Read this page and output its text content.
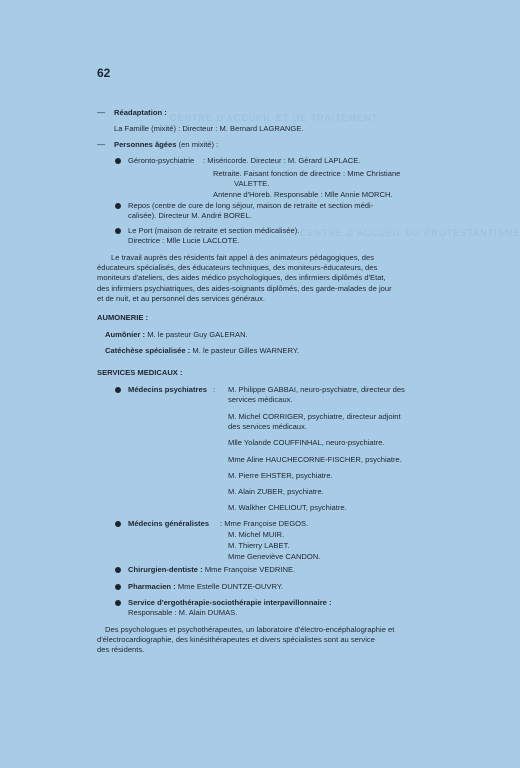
CENTRE D'ACCUEIL ET DE TRAITEMENT
CENTRE D'ACCUEIL DU PROTESTANTISME
62
— Réadaptation :
La Famille (mixité) : Directeur : M. Bernard LAGRANGE.
— Personnes âgées (en mixité) :
Géronto-psychiatrie : Miséricorde. Directeur : M. Gérard LAPLACE.
Retraite. Faisant fonction de directrice : Mme Christiane
VALETTE.
Antenne d'Horeb. Responsable : Mlle Annie MORCH.
Repos (centre de cure de long séjour, maison de retraite et section médi-
calisée). Directeur M. André BOREL.
Le Port (maison de retraite et section médicalisée).
Directrice : Mlle Lucie LACLOTE.
Le travail auprès des résidents fait appel à des animateurs pédagogiques, des
éducateurs spécialisés, des éducateurs techniques, des moniteurs-éducateurs, des
moniteurs d'ateliers, des aides médico psychologiques, des infirmiers diplômés d'Etat,
des infirmiers psychiatriques, des aides-soignants diplômés, des garde-malades de jour
et de nuit, et au personnel des services généraux.
AUMONERIE :
Aumônier : M. le pasteur Guy GALERAN.
Catéchèse spécialisée : M. le pasteur Gilles WARNERY.
SERVICES MEDICAUX :
Médecins psychiatres : M. Philippe GABBAI, neuro-psychiatre, directeur des
services médicaux.
M. Michel CORRIGER, psychiatre, directeur adjoint
des services médicaux.
Mlle Yolande COUFFINHAL, neuro-psychiatre.
Mme Aline HAUCHECORNE-FISCHER, psychiatre.
M. Pierre EHSTER, psychiatre.
M. Alain ZUBER, psychiatre.
M. Walkher CHELIOUT, psychiatre.
Médecins généralistes : Mme Françoise DEGOS.
M. Michel MUIR.
M. Thierry LABET.
Mme Geneviève CANDON.
Chirurgien-dentiste : Mme Françoise VEDRINE.
Pharmacien : Mme Estelle DUNTZE-OUVRY.
Service d'ergothérapie-sociothérapie interpavillonnaire :
Responsable : M. Alain DUMAS.
Des psychologues et psychothérapeutes, un laboratoire d'électro-encéphalographie et
d'électrocardiographie, des kinésithérapeutes et divers spécialistes sont au service
des résidents.
